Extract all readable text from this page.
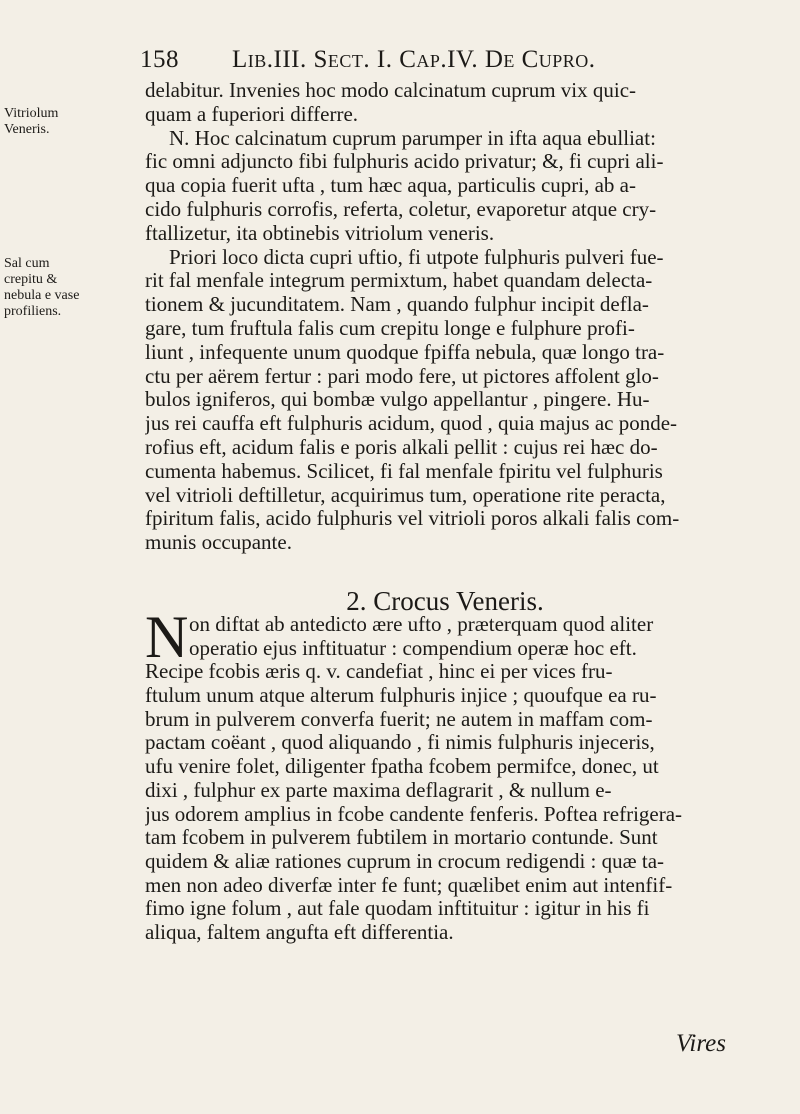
158 Lib.III. Sect. I. Cap.IV. De Cupro.
Vitriolum
Veneris.
Sal cum
crepitu &
nebula e vase
profiliens.
delabitur. Invenies hoc modo calcinatum cuprum vix quic-
quam a fuperiori differre.
N. Hoc calcinatum cuprum parumper in ifta aqua ebulliat:
fic omni adjuncto fibi fulphuris acido privatur; &, fi cupri ali-
qua copia fuerit ufta , tum hæc aqua, particulis cupri, ab a-
cido fulphuris corrofis, referta, coletur, evaporetur atque cry-
ftallizetur, ita obtinebis vitriolum veneris.
Priori loco dicta cupri uftio, fi utpote fulphuris pulveri fue-
rit fal menfale integrum permixtum, habet quandam delecta-
tionem & jucunditatem. Nam , quando fulphur incipit defla-
gare, tum fruftula falis cum crepitu longe e fulphure profi-
liunt , infequente unum quodque fpiffa nebula, quæ longo tra-
ctu per aërem fertur : pari modo fere, ut pictores affolent glo-
bulos igniferos, qui bombæ vulgo appellantur , pingere. Hu-
jus rei cauffa eft fulphuris acidum, quod , quia majus ac ponde-
rofius eft, acidum falis e poris alkali pellit : cujus rei hæc do-
cumenta habemus. Scilicet, fi fal menfale fpiritu vel fulphuris
vel vitrioli deftilletur, acquirimus tum, operatione rite peracta,
fpiritum falis, acido fulphuris vel vitrioli poros alkali falis com-
munis occupante.
2. Crocus Veneris.
N on diftat ab antedicto ære ufto , præterquam quod aliter
operatio ejus inftituatur : compendium operæ hoc eft.
Recipe fcobis æris q. v. candefiat , hinc ei per vices fru-
ftulum unum atque alterum fulphuris injice ; quoufque ea ru-
brum in pulverem converfa fuerit; ne autem in maffam com-
pactam coëant , quod aliquando , fi nimis fulphuris injeceris,
ufu venire folet, diligenter fpatha fcobem permifce, donec, ut
dixi , fulphur ex parte maxima deflagrarit , & nullum e-
jus odorem amplius in fcobe candente fenferis. Poftea refrigera-
tam fcobem in pulverem fubtilem in mortario contunde. Sunt
quidem & aliæ rationes cuprum in crocum redigendi : quæ ta-
men non adeo diverfæ inter fe funt; quælibet enim aut intenfif-
fimo igne folum , aut fale quodam inftituitur : igitur in his fi
aliqua, faltem angufta eft differentia.
Vires
